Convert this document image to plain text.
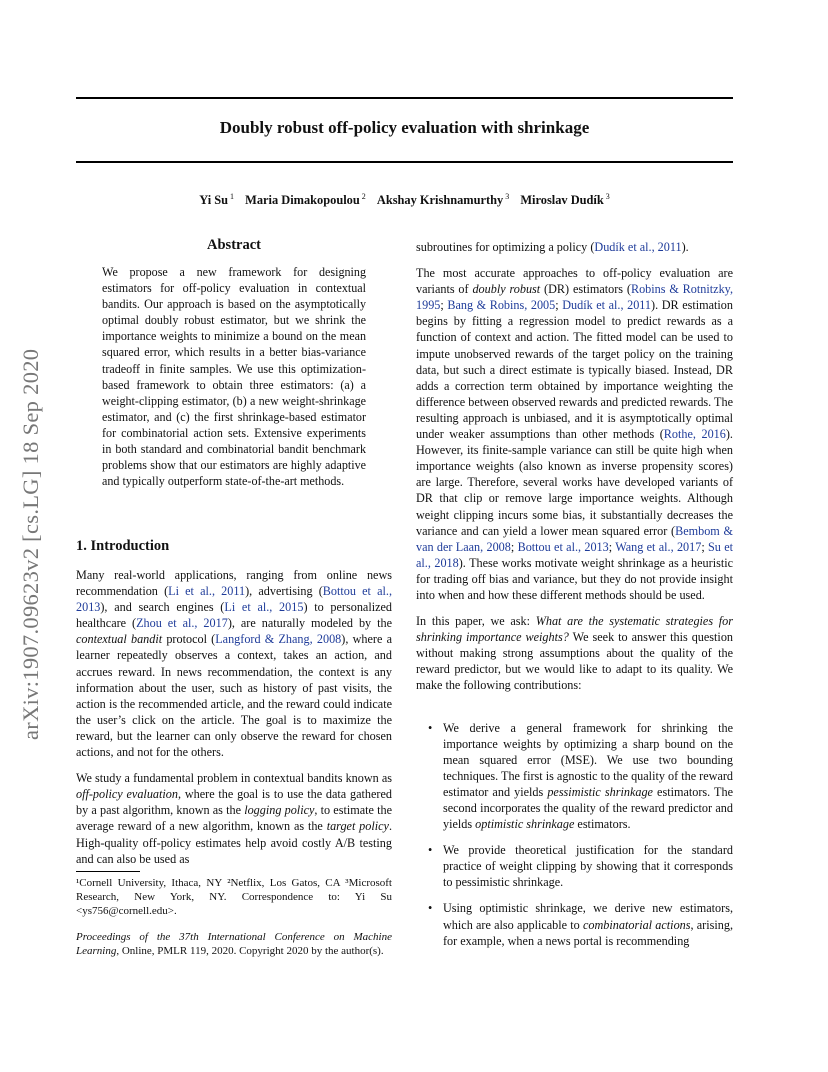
Doubly robust off-policy evaluation with shrinkage
Yi Su $^1$ Maria Dimakopoulou $^2$ Akshay Krishnamurthy $^3$ Miroslav Dudík $^3$
arXiv:1907.09623v2 [cs.LG] 18 Sep 2020
Abstract
We propose a new framework for designing estimators for off-policy evaluation in contextual bandits. Our approach is based on the asymptotically optimal doubly robust estimator, but we shrink the importance weights to minimize a bound on the mean squared error, which results in a better bias-variance tradeoff in finite samples. We use this optimization-based framework to obtain three estimators: (a) a weight-clipping estimator, (b) a new weight-shrinkage estimator, and (c) the first shrinkage-based estimator for combinatorial action sets. Extensive experiments in both standard and combinatorial bandit benchmark problems show that our estimators are highly adaptive and typically outperform state-of-the-art methods.
1. Introduction

Many real-world applications, ranging from online news recommendation (Li et al., 2011), advertising (Bottou et al., 2013), and search engines (Li et al., 2015) to personalized healthcare (Zhou et al., 2017), are naturally modeled by the contextual bandit protocol (Langford & Zhang, 2008), where a learner repeatedly observes a context, takes an action, and accrues reward. In news recommendation, the context is any information about the user, such as history of past visits, the action is the recommended article, and the reward could indicate the user’s click on the article. The goal is to maximize the reward, but the learner can only observe the reward for chosen actions, and not for the others.

We study a fundamental problem in contextual bandits known as off-policy evaluation, where the goal is to use the data gathered by a past algorithm, known as the logging policy, to estimate the average reward of a new algorithm, known as the target policy. High-quality off-policy estimates help avoid costly A/B testing and can also be used as

¹Cornell University, Ithaca, NY ²Netflix, Los Gatos, CA ³Microsoft Research, New York, NY. Correspondence to: Yi Su <ys756@cornell.edu>.

Proceedings of the 37th International Conference on Machine Learning, Online, PMLR 119, 2020. Copyright 2020 by the author(s).

subroutines for optimizing a policy (Dudík et al., 2011).

The most accurate approaches to off-policy evaluation are variants of doubly robust (DR) estimators (Robins & Rotnitzky, 1995; Bang & Robins, 2005; Dudík et al., 2011). DR estimation begins by fitting a regression model to predict rewards as a function of context and action. The fitted model can be used to impute unobserved rewards of the target policy on the training data, but such a direct estimate is typically biased. Instead, DR adds a correction term obtained by importance weighting the difference between observed rewards and predicted rewards. The resulting approach is unbiased, and it is asymptotically optimal under weaker assumptions than other methods (Rothe, 2016). However, its finite-sample variance can still be quite high when importance weights (also known as inverse propensity scores) are large. Therefore, several works have developed variants of DR that clip or remove large importance weights. Although weight clipping incurs some bias, it substantially decreases the variance and can yield a lower mean squared error (Bembom & van der Laan, 2008; Bottou et al., 2013; Wang et al., 2017; Su et al., 2018). These works motivate weight shrinkage as a heuristic for trading off bias and variance, but they do not provide insight into when and how these different methods should be used.

In this paper, we ask: What are the systematic strategies for shrinking importance weights? We seek to answer this question without making strong assumptions about the quality of the reward predictor, but we would like to adapt to its quality. We make the following contributions:

• We derive a general framework for shrinking the importance weights by optimizing a sharp bound on the mean squared error (MSE). We use two bounding techniques. The first is agnostic to the quality of the reward estimator and yields pessimistic shrinkage estimators. The second incorporates the quality of the reward predictor and yields optimistic shrinkage estimators.
• We provide theoretical justification for the standard practice of weight clipping by showing that it corresponds to pessimistic shrinkage.
• Using optimistic shrinkage, we derive new estimators, which are also applicable to combinatorial actions, arising, for example, when a news portal is recommending
